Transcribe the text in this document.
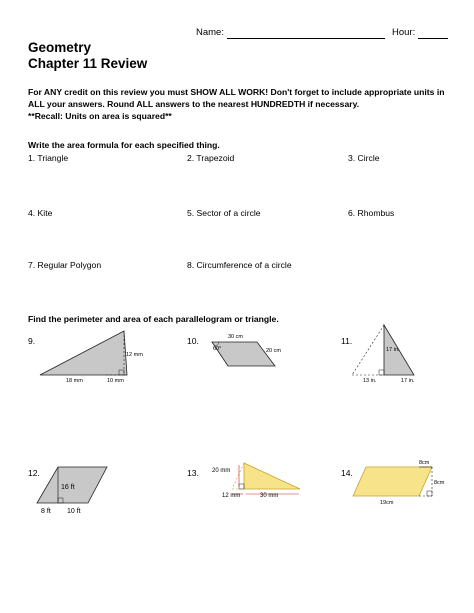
Name:	Hour:
Geometry
Chapter 11 Review
For ANY credit on this review you must SHOW ALL WORK! Don't forget to include appropriate units in
ALL your answers. Round ALL answers to the nearest HUNDREDTH if necessary.
**Recall: Units on area is squared**
Write the area formula for each specified thing.
1. Triangle	2. Trapezoid	3. Circle
4. Kite	5. Sector of a circle	6. Rhombus
7. Regular Polygon	8. Circumference of a circle
Find the perimeter and area of each parallelogram or triangle.
9.	10.	11.
12.	13.	14.
12 mm
18 mm	10 mm
30 cm
60°	20 cm	17 in.
13 in.	17 in.
16 ft
8 ft 10 ft
20 mm
12 mm	30 mm
8cm
8cm
19cm
